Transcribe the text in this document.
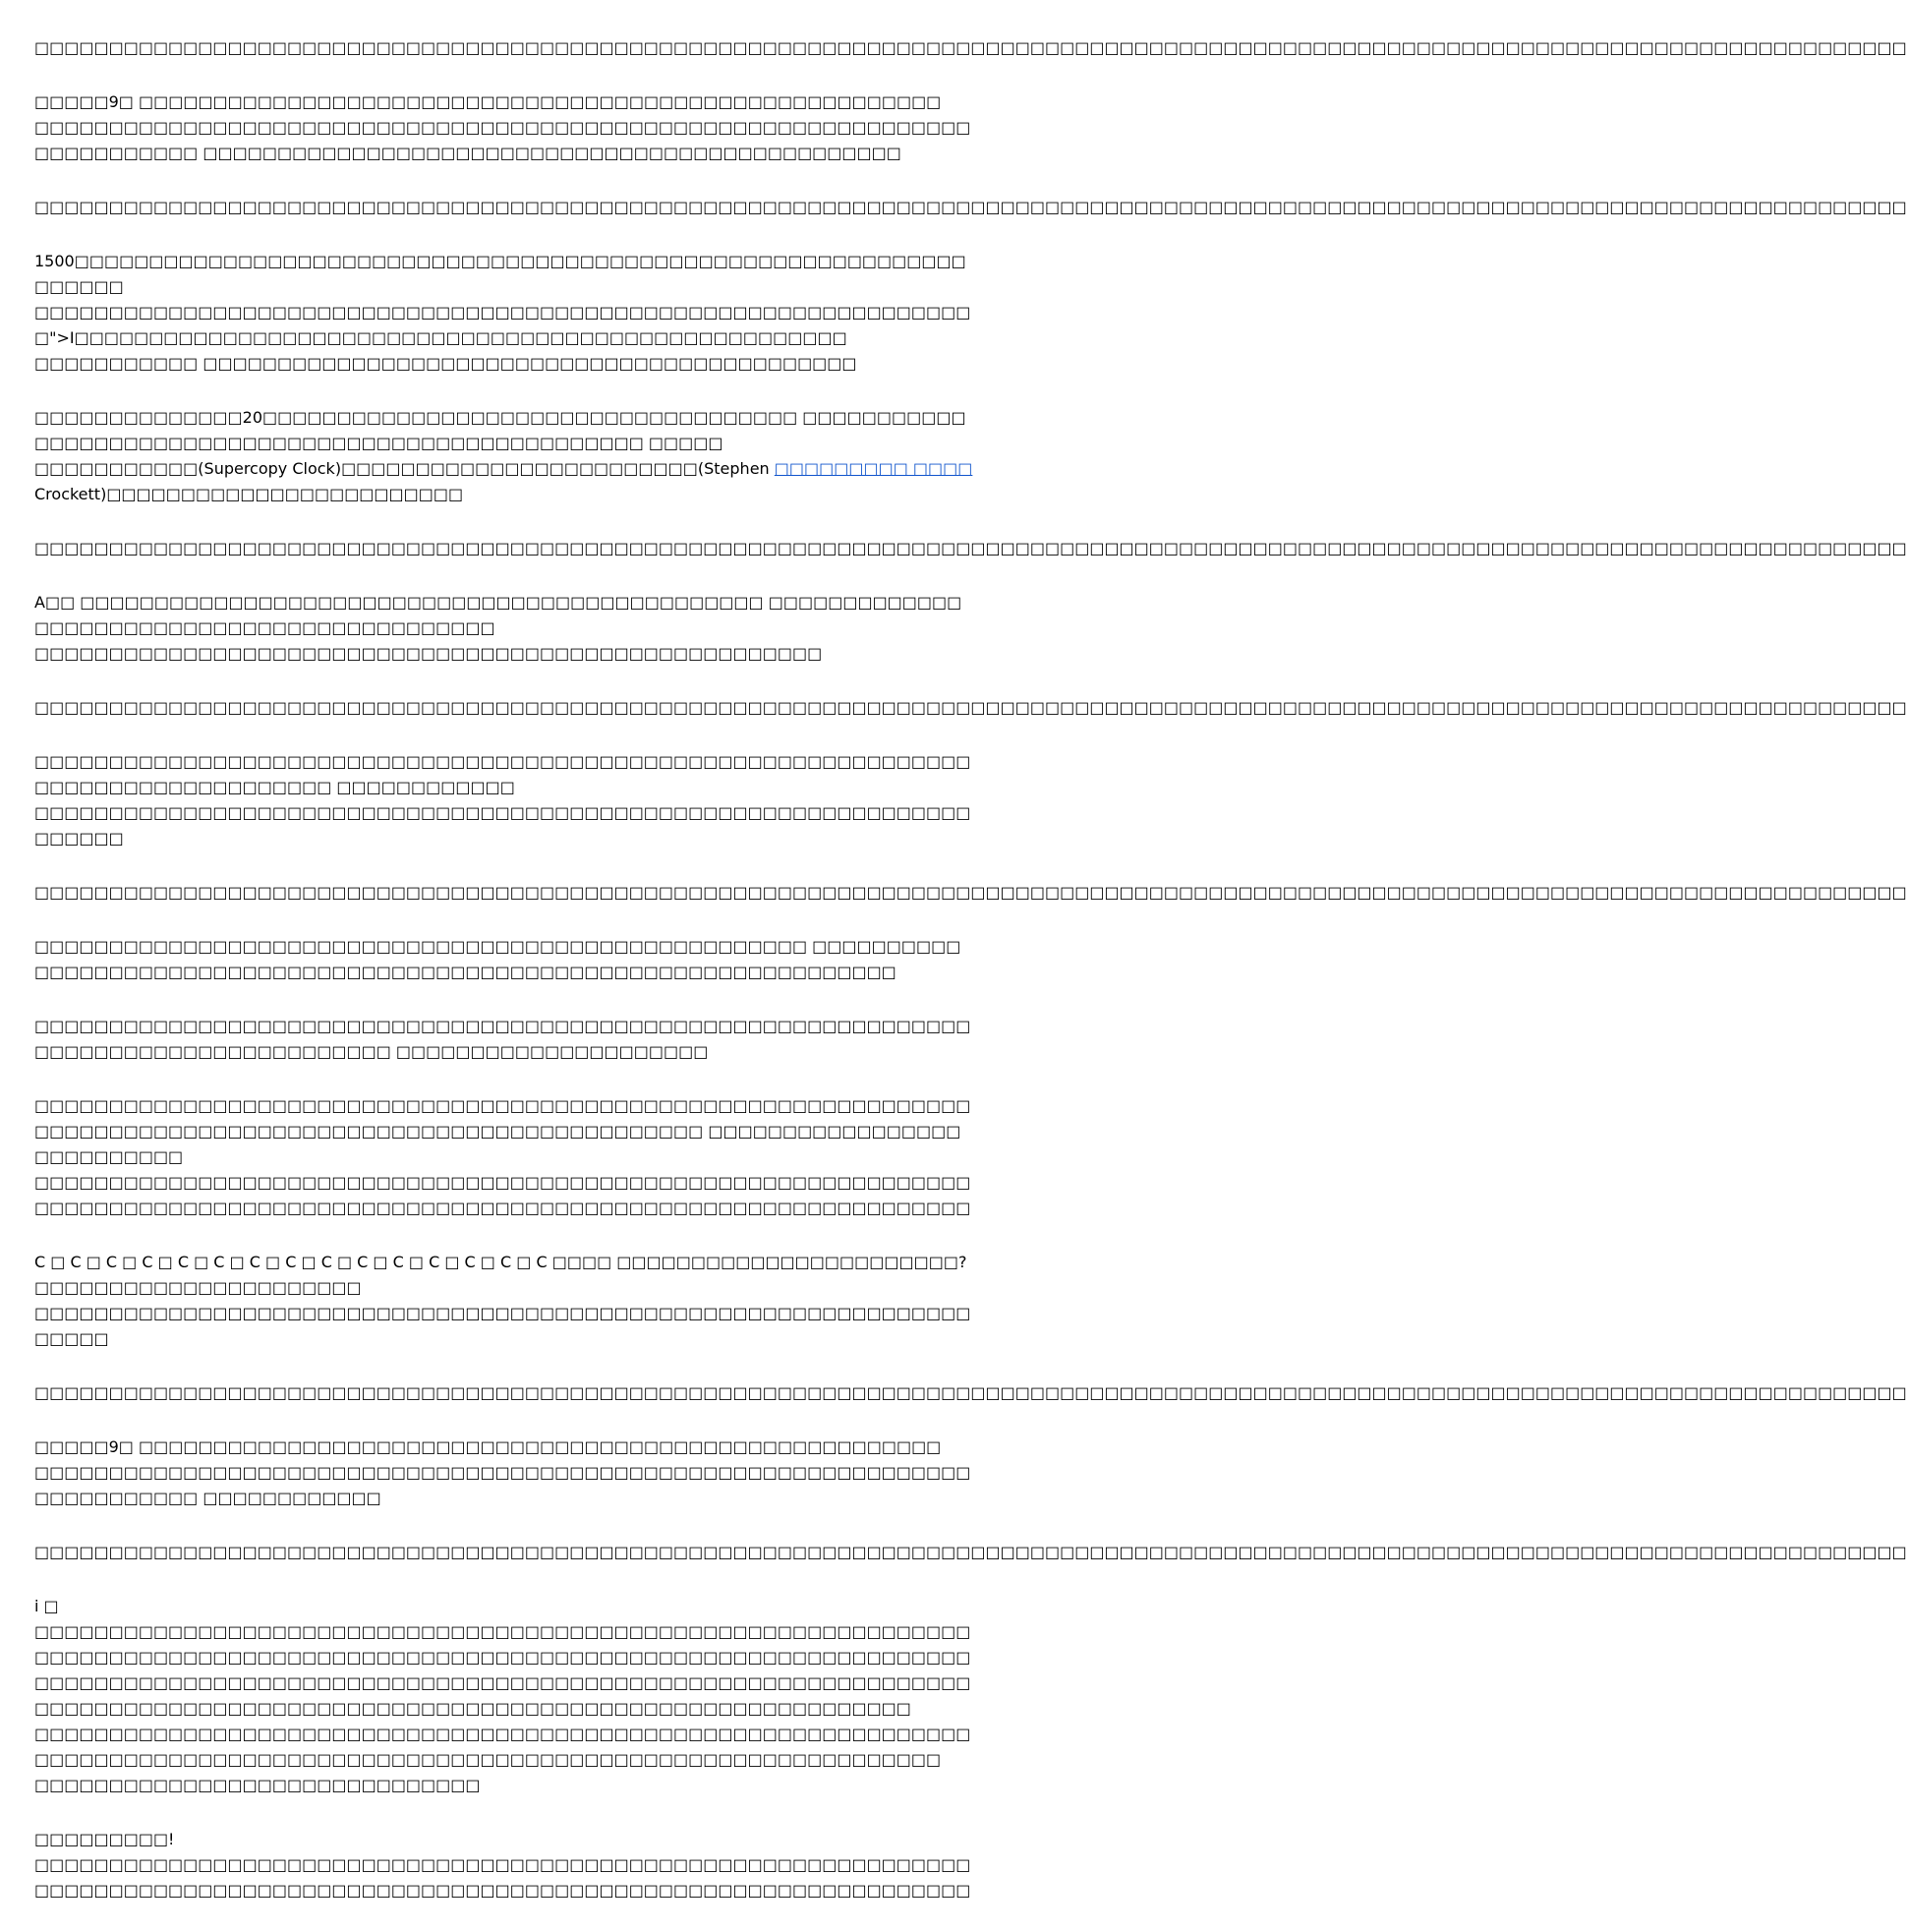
□□□□□□□□□□□□□□□□□□□□□□□□□□□□□□□□□□□□□□□□□□□□□□□□□□□□□□□□□□□□□□□□□□□□□□□□□□□□□□□□□□□□□□□□□□□□□□□□□□□□□□□□□□□□□□□□□□□□□□□□□□□□□□

□□□□□9□ □□□□□□□□□□□□□□□□□□□□□□□□□□□□□□□□□□□□□□□□□□□□□□□□□□□□□□
□□□□□□□□□□□□□□□□□□□□□□□□□□□□□□□□□□□□□□□□□□□□□□□□□□□□□□□□□□□□□□□□□□□□□□□□□□ □□□□□□□□□□□□□□□□□□□□□□□□□□□□□□□□□□□□□□□□□□□□□□□

□□□□□□□□□□□□□□□□□□□□□□□□□□□□□□□□□□□□□□□□□□□□□□□□□□□□□□□□□□□□□□□□□□□□□□□□□□□□□□□□□□□□□□□□□□□□□□□□□□□□□□□□□□□□□□□□□□□□□□□□□□□□□□

1500□□□□□□□□□□□□□□□□□□□□□□□□□□□□□□□□□□□□□□□□□□□□□□□□□□□□□□□□□□□□□□□□□□
□□□□□□□□□□□□□□□□□□□□□□□□□□□□□□□□□□□□□□□□□□□□□□□□□□□□□□□□□□□□□□□□">I□□□□□□□□□□□□□□□□□□□□□□□□□□□□□□□□□□□□□□□□□□□□□□□□□□□□
□□□□□□□□□□□ □□□□□□□□□□□□□□□□□□□□□□□□□□□□□□□□□□□□□□□□□□□□

□□□□□□□□□□□□□□20□□□□□□□□□□□□□□□□□□□□□□□□□□□□□□□□□□□□ □□□□□□□□□□□□□□□□□□□□□□□□□□□□□□□□□□□□□□□□□□□□□□□□□□□□ □□□□□
□□□□□□□□□□□(Supercopy Clock)□□□□□□□□□□□□□□□□□□□□□□□□(Stephen □□□□□□□□□ □□□□ Crockett)□□□□□□□□□□□□□□□□□□□□□□□□

□□□□□□□□□□□□□□□□□□□□□□□□□□□□□□□□□□□□□□□□□□□□□□□□□□□□□□□□□□□□□□□□□□□□□□□□□□□□□□□□□□□□□□□□□□□□□□□□□□□□□□□□□□□□□□□□□□□□□□□□□□□□□□

A□□ □□□□□□□□□□□□□□□□□□□□□□□□□□□□□□□□□□□□□□□□□□□□□□ □□□□□□□□□□□□□□□□□□□□□□□□□□□□□□□□□□□□□□□□□□□□
□□□□□□□□□□□□□□□□□□□□□□□□□□□□□□□□□□□□□□□□□□□□□□□□□□□□□

□□□□□□□□□□□□□□□□□□□□□□□□□□□□□□□□□□□□□□□□□□□□□□□□□□□□□□□□□□□□□□□□□□□□□□□□□□□□□□□□□□□□□□□□□□□□□□□□□□□□□□□□□□□□□□□□□□□□□□□□□□□□□□

□□□□□□□□□□□□□□□□□□□□□□□□□□□□□□□□□□□□□□□□□□□□□□□□□□□□□□□□□□□□□□□□□□□□□□□□□□□□□□□□□□□ □□□□□□□□□□□□
□□□□□□□□□□□□□□□□□□□□□□□□□□□□□□□□□□□□□□□□□□□□□□□□□□□□□□□□□□□□□□□□□□□□□

□□□□□□□□□□□□□□□□□□□□□□□□□□□□□□□□□□□□□□□□□□□□□□□□□□□□□□□□□□□□□□□□□□□□□□□□□□□□□□□□□□□□□□□□□□□□□□□□□□□□□□□□□□□□□□□□□□□□□□□□□□□□□□

□□□□□□□□□□□□□□□□□□□□□□□□□□□□□□□□□□□□□□□□□□□□□□□□□□□□ □□□□□□□□□□□□□□□□□□□□□□□□□□□□□□□□□□□□□□□□□□□□□□□□□□□□□□□□□□□□□□□□□□□□

□□□□□□□□□□□□□□□□□□□□□□□□□□□□□□□□□□□□□□□□□□□□□□□□□□□□□□□□□□□□□□□□□□□□□□□□□□□□□□□□□□□□□□□ □□□□□□□□□□□□□□□□□□□□□

□□□□□□□□□□□□□□□□□□□□□□□□□□□□□□□□□□□□□□□□□□□□□□□□□□□□□□□□□□□□□□□□□□□□□□□□□□□□□□□□□□□□□□□□□□□□□□□□□□□□□□□□□□□□ □□□□□□□□□□□□□□□□□□□□□□□□□□□
□□□□□□□□□□□□□□□□□□□□□□□□□□□□□□□□□□□□□□□□□□□□□□□□□□□□□□□□□□□□□□□□□□□□□□□□□□□□□□□□□□□□□□□□□□□□□□□□□□□□□□□□□□□□□□□□□□□□□□□□□□□□□□

C □ C □ C □ C □ C □ C □ C □ C □ C □ C □ C □ C □ C □ C □ C □□□□ □□□□□□□□□□□□□□□□□□□□□□□? □□□□□□□□□□□□□□□□□□□□□□
□□□□□□□□□□□□□□□□□□□□□□□□□□□□□□□□□□□□□□□□□□□□□□□□□□□□□□□□□□□□□□□□□□□□

□□□□□□□□□□□□□□□□□□□□□□□□□□□□□□□□□□□□□□□□□□□□□□□□□□□□□□□□□□□□□□□□□□□□□□□□□□□□□□□□□□□□□□□□□□□□□□□□□□□□□□□□□□□□□□□□□□□□□□□□□□□□□□

□□□□□9□ □□□□□□□□□□□□□□□□□□□□□□□□□□□□□□□□□□□□□□□□□□□□□□□□□□□□□□
□□□□□□□□□□□□□□□□□□□□□□□□□□□□□□□□□□□□□□□□□□□□□□□□□□□□□□□□□□□□□□□□□□□□□□□□□□ □□□□□□□□□□□□

□□□□□□□□□□□□□□□□□□□□□□□□□□□□□□□□□□□□□□□□□□□□□□□□□□□□□□□□□□□□□□□□□□□□□□□□□□□□□□□□□□□□□□□□□□□□□□□□□□□□□□□□□□□□□□□□□□□□□□□□□□□□□□

i □
□□□□□□□□□□□□□□□□□□□□□□□□□□□□□□□□□□□□□□□□□□□□□□□□□□□□□□□□□□□□□□□□□□□□□□□□□□□□□□□□□□□□□□□□□□□□□□□□□□□□□□□□□□□□□□□□□□□□□□□□□□□□□□
□□□□□□□□□□□□□□□□□□□□□□□□□□□□□□□□□□□□□□□□□□□□□□□□□□□□□□□□□□□□□□□□□□□□□□□□□□□□□□□□□□□□□□□□□□□□□□□□□□□□□□□□□□□□□□□□□□□□□□□□□□
□□□□□□□□□□□□□□□□□□□□□□□□□□□□□□□□□□□□□□□□□□□□□□□□□□□□□□□□□□□□□□□□□□□□□□□□□□□□□□□□□□□□□□□□□□□□□□□□□□□□□□□□□□□□□□□□□□□□□□□□□□□□
□□□□□□□□□□□□□□□□□□□□□□□□□□□□□□

□□□□□□□□□!
□□□□□□□□□□□□□□□□□□□□□□□□□□□□□□□□□□□□□□□□□□□□□□□□□□□□□□□□□□□□□□□□□□□□□□□□□□□□□□□□□□□□□□□□□□□□□□□□□□□□□□□□□□□□□□□□□□□□□□□□□□□□□□
